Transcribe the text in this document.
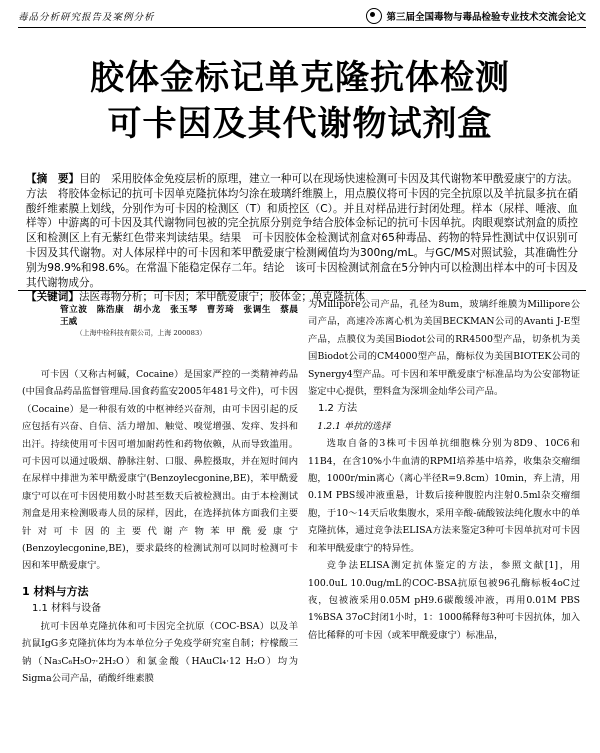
毒品分析研究报告及案例分析	第三届全国毒物与毒品检验专业技术交流会论文
胶体金标记单克隆抗体检测
可卡因及其代谢物试剂盒
【摘　要】目的　采用胶体金免疫层析的原理，建立一种可以在现场快速检测可卡因及其代谢物苯甲酰爱康宁的方法。方法　将胶体金标记的抗可卡因单克隆抗体均匀涂在玻璃纤维膜上，用点膜仪将可卡因的完全抗原以及羊抗鼠多抗在硝酸纤维素膜上划线，分别作为可卡因的检测区（T）和质控区（C）。并且对样品进行封闭处理。样本（尿样、唾液、血样等）中游离的可卡因及其代谢物同包被的完全抗原分别竞争结合胶体金标记的抗可卡因单抗。肉眼观察试剂盒的质控区和检测区上有无紫红色带来判读结果。结果　可卡因胶体金检测试剂盒对65种毒品、药物的特异性测试中仅识别可卡因及其代谢物。对人体尿样中的可卡因和苯甲酰爱康宁检测阈值均为300ng/mL。与GC/MS对照试验，其准确性分别为98.9%和98.6%。在常温下能稳定保存二年。结论　该可卡因检测试剂盒在5分钟内可以检测出样本中的可卡因及其代谢物成分。
【关键词】法医毒物分析；可卡因；苯甲酰爱康宁；胶体金；单克隆抗体
管立波　陈浩康　胡小龙　张玉琴　曹芳琦　张调生　蔡晨　王威
（上海中检科技有限公司，上海 200083）

可卡因（又称古柯碱，Cocaine）是国家严控的一类精神药品(中国食品药品监督管理局.国食药监安2005年481号文件)，可卡因（Cocaine）是一种很有效的中枢神经兴奋剂，由可卡因引起的反应包括有兴奋、自信、活力增加、触觉、嗅觉增强、发痒、发抖和出汗。持续使用可卡因可增加耐药性和药物依赖，从而导致滥用。可卡因可以通过吸烟、静脉注射、口服、鼻腔摄取，并在短时间内在尿样中排泄为苯甲酰爱康宁(Benzoylecgonine,BE)，苯甲酰爱康宁可以在可卡因使用数小时甚至数天后被检测出。由于本检测试剂盒是用来检测吸毒人员的尿样，因此，在选择抗体方面我们主要针对可卡因的主要代谢产物苯甲酰爱康宁(Benzoylecgonine,BE)，要求最终的检测试剂可以同时检测可卡因和苯甲酰爱康宁。

1 材料与方法
1.1 材料与设备

抗可卡因单克隆抗体和可卡因完全抗原（COC-BSA）以及羊抗鼠IgG多克隆抗体均为本单位分子免疫学研究室自制；柠檬酸三钠（Na₃C₆H₅O₇·2H₂O）和氯金酸（HAuCl₄·12 H₂O）均为Sigma公司产品，硝酸纤维素膜

为Millipore公司产品，孔径为8um，玻璃纤维膜为Millipore公司产品，高速冷冻离心机为美国BECKMAN公司的Avanti J-E型产品，点膜仪为美国Biodot公司的RR4500型产品，切条机为美国Biodot公司的CM4000型产品，酶标仪为美国BIOTEK公司的Synergy4型产品。可卡因和苯甲酰爱康宁标准品均为公安部物证鉴定中心提供，塑料盒为深圳金灿华公司产品。

1.2 方法
1.2.1 单抗的选择

选取自备的3株可卡因单抗细胞株分别为8D9、10C6和11B4，在含10%小牛血清的RPMI培养基中培养，收集杂交瘤细胞，1000r/min离心（离心半径R=9.8cm）10min，弃上清，用0.1M PBS缓冲液重悬，计数后接种腹腔内注射0.5ml杂交瘤细胞，于10～14天后收集腹水，采用辛酸-硫酸铵法纯化腹水中的单克隆抗体，通过竞争法ELISA方法来鉴定3种可卡因单抗对可卡因和苯甲酰爱康宁的特异性。

竞争法ELISA测定抗体鉴定的方法，参照文献[1]，用100.0uL 10.0ug/mL的COC-BSA抗原包被96孔酶标板4oC过夜，包被液采用0.05M pH9.6碳酸缓冲液，再用0.01M PBS 1%BSA 37oC封闭1小时，1：1000稀释每3种可卡因抗体，加入倍比稀释的可卡因（或苯甲酰爱康宁）标准品，
